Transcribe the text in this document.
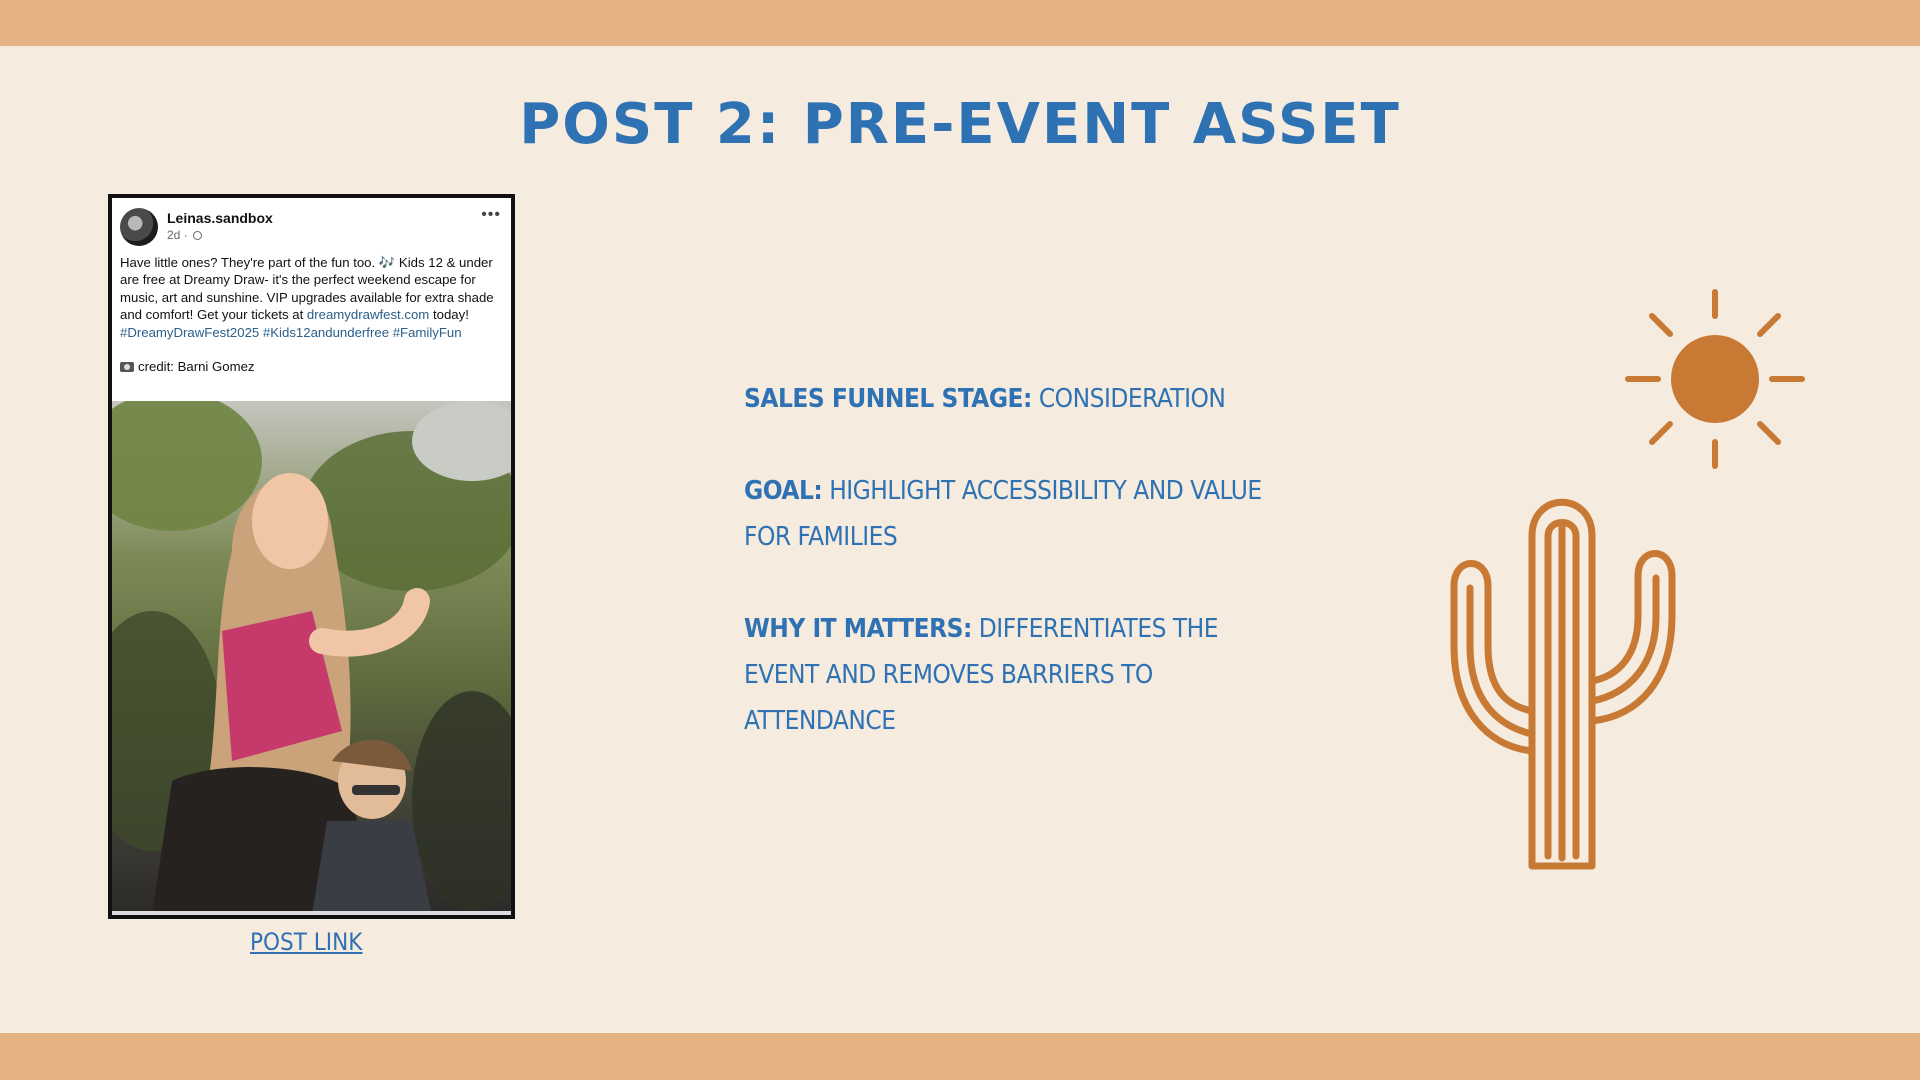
POST 2: PRE-EVENT ASSET
Leinas.sandbox
2d ·
•••

Have little ones? They're part of the fun too. 🎶 Kids 12 & under are free at Dreamy Draw- it's the perfect weekend escape for music, art and sunshine. VIP upgrades available for extra shade and comfort! Get your tickets at dreamydrawfest.com today!

#DreamyDrawFest2025 #Kids12andunderfree #FamilyFun

credit: Barni Gomez

POST LINK

SALES FUNNEL STAGE: CONSIDERATION

GOAL: HIGHLIGHT ACCESSIBILITY AND VALUE FOR FAMILIES

WHY IT MATTERS: DIFFERENTIATES THE EVENT AND REMOVES BARRIERS TO ATTENDANCE
